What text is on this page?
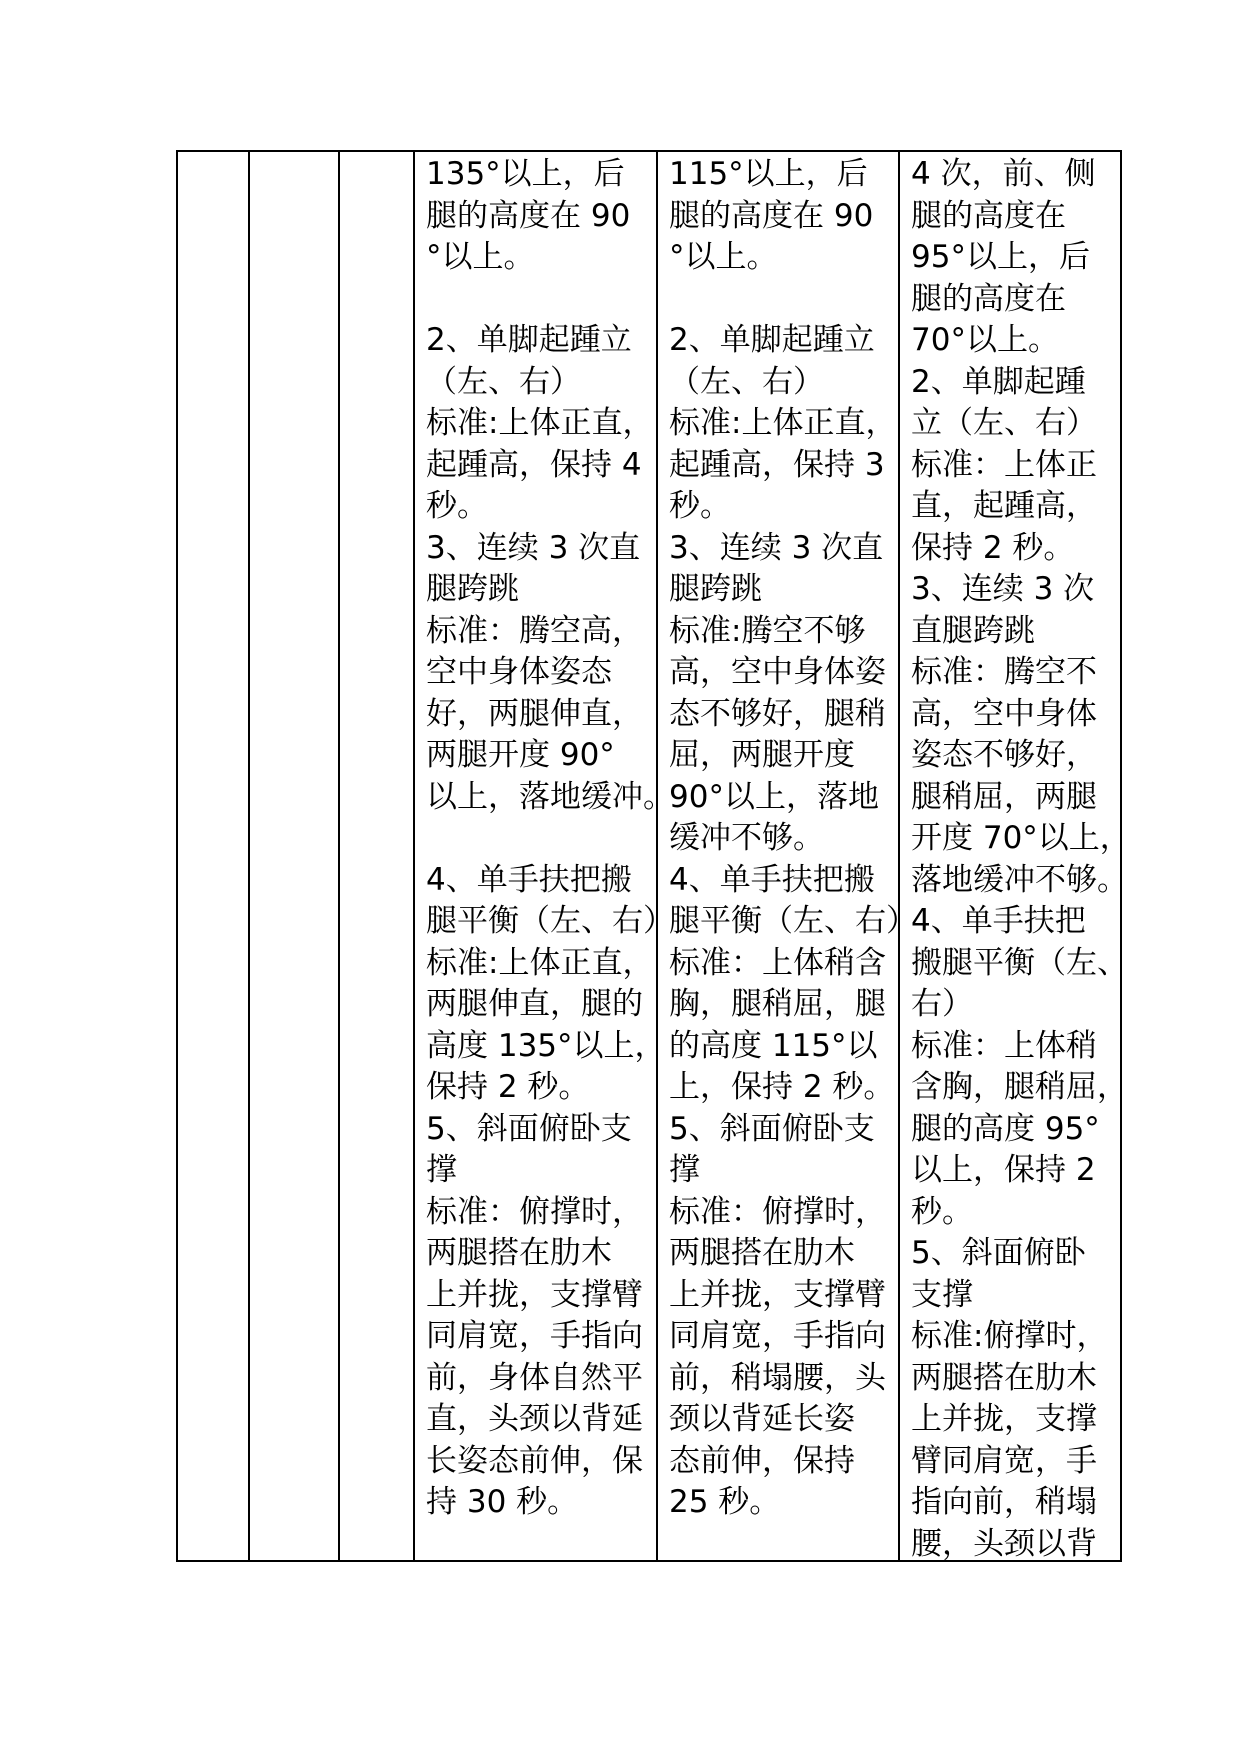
135°以上，后
腿的高度在 90
°以上。
2、单脚起踵立
（左、右）
标准:上体正直，
起踵高，保持 4
秒。
3、连续 3 次直
腿跨跳
标准：腾空高，
空中身体姿态
好，两腿伸直，
两腿开度 90°
以上，落地缓冲。
4、单手扶把搬
腿平衡（左、右）
标准:上体正直，
两腿伸直，腿的
高度 135°以上，
保持 2 秒。
5、斜面俯卧支
撑
标准：俯撑时，
两腿搭在肋木
上并拢，支撑臂
同肩宽，手指向
前，身体自然平
直，头颈以背延
长姿态前伸，保
持 30 秒。
115°以上，后
腿的高度在 90
°以上。
2、单脚起踵立
（左、右）
标准:上体正直，
起踵高，保持 3
秒。
3、连续 3 次直
腿跨跳
标准:腾空不够
高，空中身体姿
态不够好，腿稍
屈，两腿开度
90°以上，落地
缓冲不够。
4、单手扶把搬
腿平衡（左、右）
标准：上体稍含
胸，腿稍屈，腿
的高度 115°以
上，保持 2 秒。
5、斜面俯卧支
撑
标准：俯撑时，
两腿搭在肋木
上并拢，支撑臂
同肩宽，手指向
前，稍塌腰，头
颈以背延长姿
态前伸，保持
25 秒。
4 次，前、侧
腿的高度在
95°以上，后
腿的高度在
70°以上。
2、单脚起踵
立（左、右）
标准：上体正
直，起踵高，
保持 2 秒。
3、连续 3 次
直腿跨跳
标准：腾空不
高，空中身体
姿态不够好，
腿稍屈，两腿
开度 70°以上，
落地缓冲不够。
4、单手扶把
搬腿平衡（左、
右）
标准：上体稍
含胸，腿稍屈，
腿的高度 95°
以上，保持 2
秒。
5、斜面俯卧
支撑
标准:俯撑时，
两腿搭在肋木
上并拢，支撑
臂同肩宽，手
指向前，稍塌
腰，头颈以背
